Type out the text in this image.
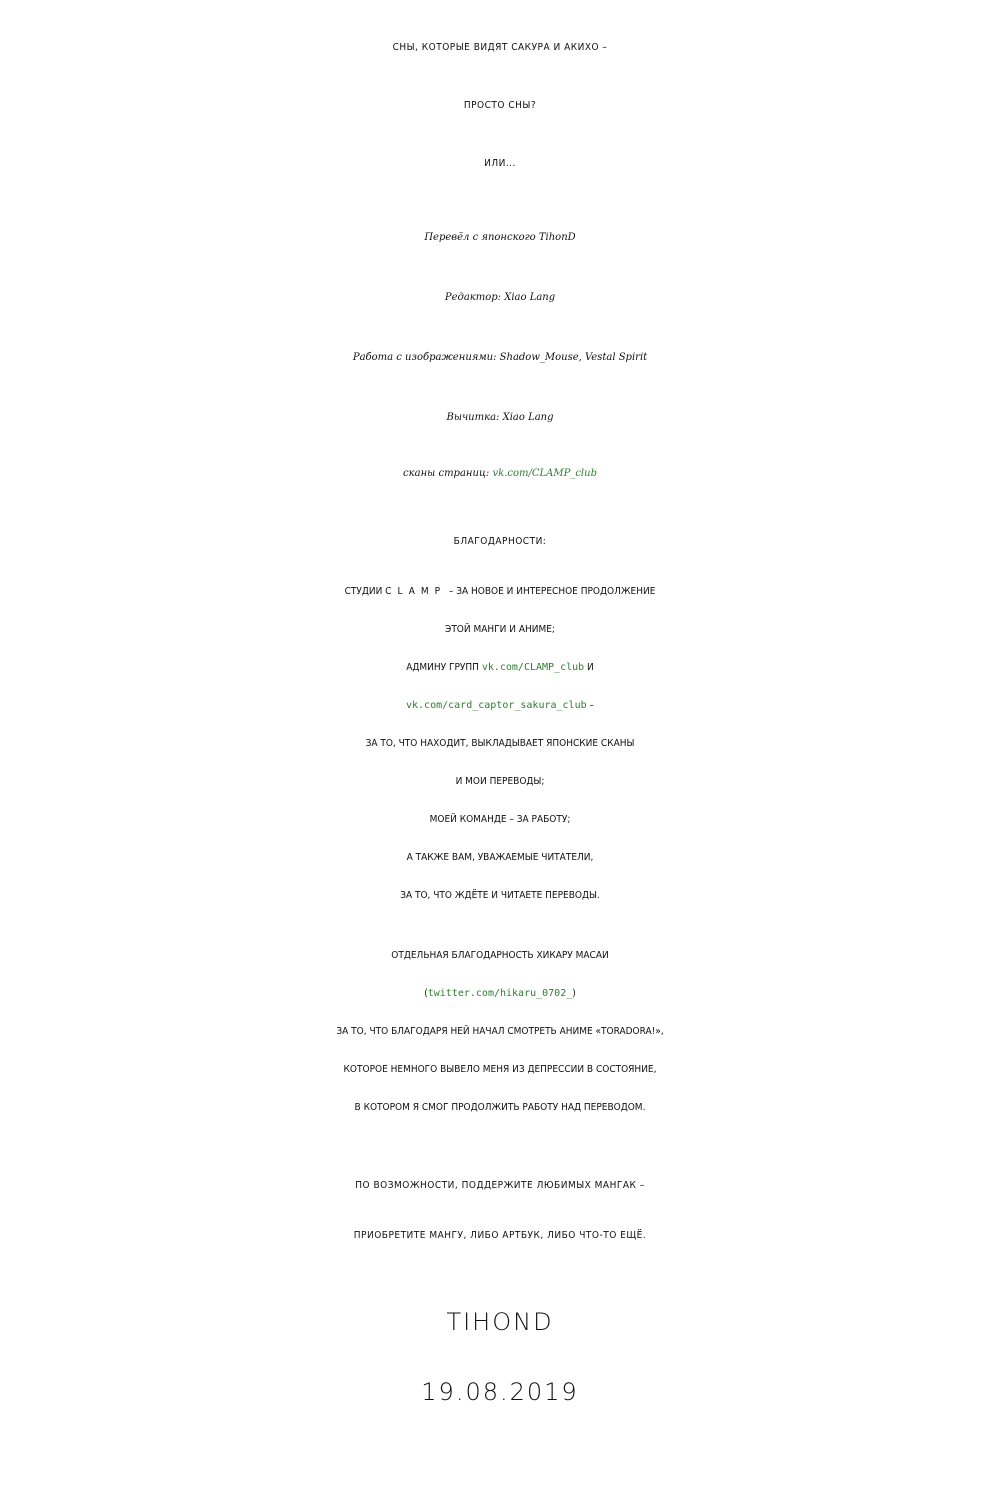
СНЫ, КОТОРЫЕ ВИДЯТ САКУРА И АКИХО –
ПРОСТО СНЫ?
ИЛИ...
Перевёл с японского TihonD
Редактор: Xiao Lang
Работа с изображениями: Shadow_Mouse, Vestal Spirit
Вычитка: Xiao Lang
сканы страниц: vk.com/CLAMP_club
БЛАГОДАРНОСТИ:
СТУДИИ CLAMP – ЗА НОВОЕ И ИНТЕРЕСНОЕ ПРОДОЛЖЕНИЕ
ЭТОЙ МАНГИ И АНИМЕ;
АДМИНУ ГРУПП vk.com/CLAMP_club И
vk.com/card_captor_sakura_club –
ЗА ТО, ЧТО НАХОДИТ, ВЫКЛАДЫВАЕТ ЯПОНСКИЕ СКАНЫ
И МОИ ПЕРЕВОДЫ;
МОЕЙ КОМАНДЕ – ЗА РАБОТУ;
А ТАКЖЕ ВАМ, УВАЖАЕМЫЕ ЧИТАТЕЛИ,
ЗА ТО, ЧТО ЖДЁТЕ И ЧИТАЕТЕ ПЕРЕВОДЫ.
ОТДЕЛЬНАЯ БЛАГОДАРНОСТЬ ХИКАРУ МАСАИ
(twitter.com/hikaru_0702_)
ЗА ТО, ЧТО БЛАГОДАРЯ НЕЙ НАЧАЛ СМОТРЕТЬ АНИМЕ «TORADORA!»,
КОТОРОЕ НЕМНОГО ВЫВЕЛО МЕНЯ ИЗ ДЕПРЕССИИ В СОСТОЯНИЕ,
В КОТОРОМ Я СМОГ ПРОДОЛЖИТЬ РАБОТУ НАД ПЕРЕВОДОМ.
ПО ВОЗМОЖНОСТИ, ПОДДЕРЖИТЕ ЛЮБИМЫХ МАНГАК –
ПРИОБРЕТИТЕ МАНГУ, ЛИБО АРТБУК, ЛИБО ЧТО-ТО ЕЩЁ.
TIHOND
19.08.2019
